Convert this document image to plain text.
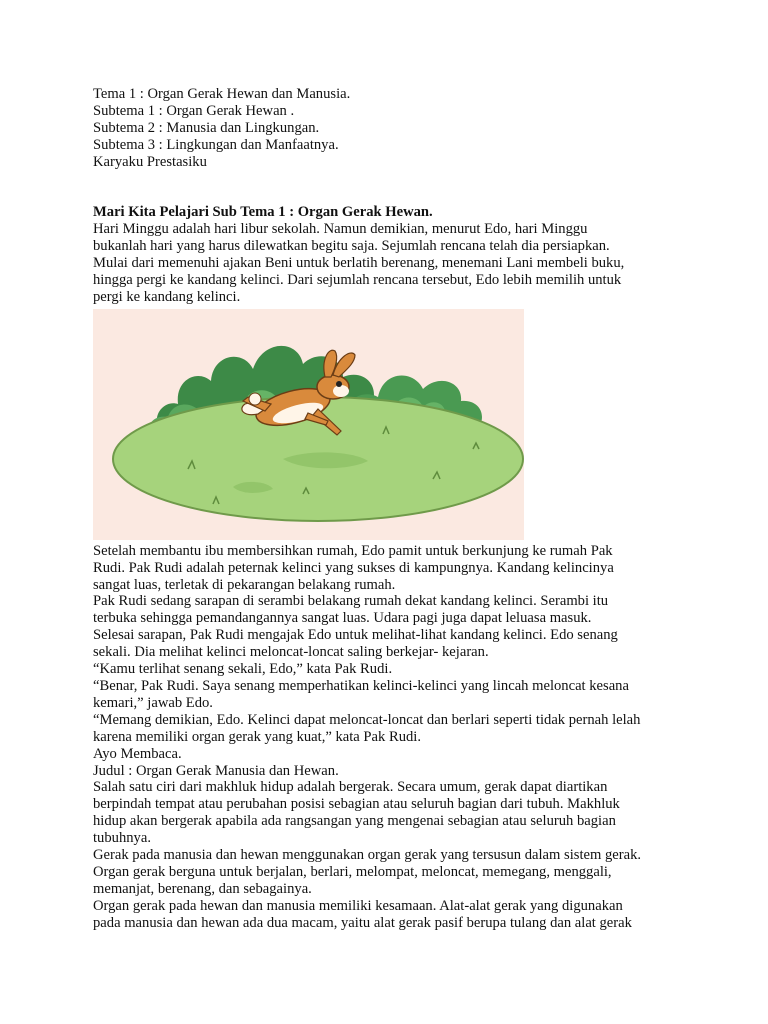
Tema 1 : Organ Gerak Hewan dan Manusia.
Subtema 1 : Organ Gerak Hewan .
Subtema 2 : Manusia dan Lingkungan.
Subtema 3 : Lingkungan dan Manfaatnya.
Karyaku Prestasiku
Mari Kita Pelajari Sub Tema 1 : Organ Gerak Hewan.
Hari Minggu adalah hari libur sekolah. Namun demikian, menurut Edo, hari Minggu
bukanlah hari yang harus dilewatkan begitu saja. Sejumlah rencana telah dia persiapkan.
Mulai dari memenuhi ajakan Beni untuk berlatih berenang, menemani Lani membeli buku,
hingga pergi ke kandang kelinci. Dari sejumlah rencana tersebut, Edo lebih memilih untuk
pergi ke kandang kelinci.
Setelah membantu ibu membersihkan rumah, Edo pamit untuk berkunjung ke rumah Pak
Rudi. Pak Rudi adalah peternak kelinci yang sukses di kampungnya. Kandang kelincinya
sangat luas, terletak di pekarangan belakang rumah.
Pak Rudi sedang sarapan di serambi belakang rumah dekat kandang kelinci. Serambi itu
terbuka sehingga pemandangannya sangat luas. Udara pagi juga dapat leluasa masuk.
Selesai sarapan, Pak Rudi mengajak Edo untuk melihat-lihat kandang kelinci. Edo senang
sekali. Dia melihat kelinci meloncat-loncat saling berkejar- kejaran.
“Kamu terlihat senang sekali, Edo,” kata Pak Rudi.
“Benar, Pak Rudi. Saya senang memperhatikan kelinci-kelinci yang lincah meloncat kesana
kemari,” jawab Edo.
“Memang demikian, Edo. Kelinci dapat meloncat-loncat dan berlari seperti tidak pernah lelah
karena memiliki organ gerak yang kuat,” kata Pak Rudi.
Ayo Membaca.
Judul : Organ Gerak Manusia dan Hewan.
Salah satu ciri dari makhluk hidup adalah bergerak. Secara umum, gerak dapat diartikan
berpindah tempat atau perubahan posisi sebagian atau seluruh bagian dari tubuh. Makhluk
hidup akan bergerak apabila ada rangsangan yang mengenai sebagian atau seluruh bagian
tubuhnya.
Gerak pada manusia dan hewan menggunakan organ gerak yang tersusun dalam sistem gerak.
Organ gerak berguna untuk berjalan, berlari, melompat, meloncat, memegang, menggali,
memanjat, berenang, dan sebagainya.
Organ gerak pada hewan dan manusia memiliki kesamaan. Alat-alat gerak yang digunakan
pada manusia dan hewan ada dua macam, yaitu alat gerak pasif berupa tulang dan alat gerak
